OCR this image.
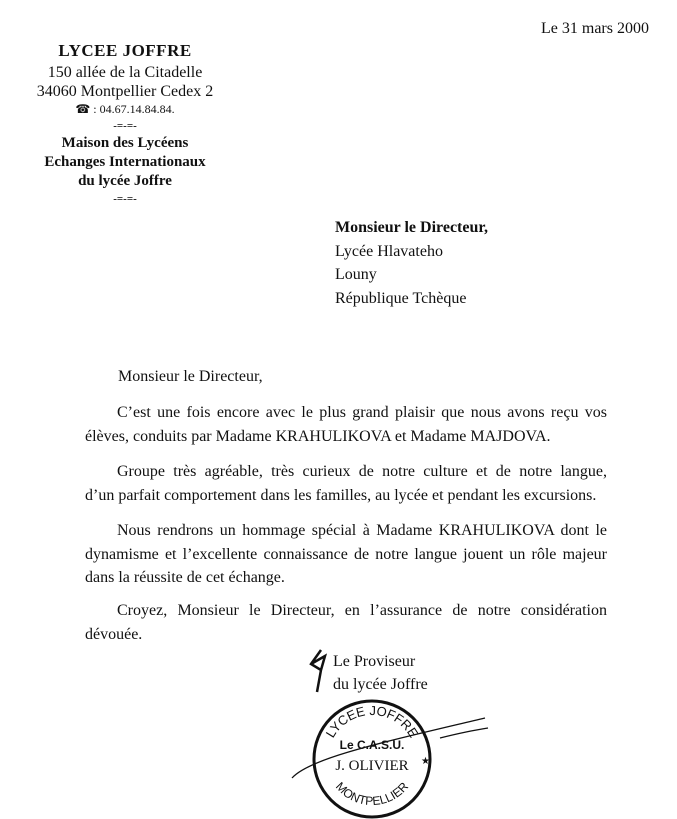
Le 31 mars 2000
LYCEE JOFFRE
150 allée de la Citadelle
34060 Montpellier Cedex 2
☎ : 04.67.14.84.84.
-=-=-
Maison des Lycéens
Echanges Internationaux
du lycée Joffre
-=-=-
Monsieur le Directeur,
Lycée Hlavateho
Louny
République Tchèque
Monsieur le Directeur,
C’est une fois encore avec le plus grand plaisir que nous avons reçu vos
élèves, conduits par Madame KRAHULIKOVA et Madame MAJDOVA.
Groupe très agréable, très curieux de notre culture et de notre langue,
d’un parfait comportement dans les familles, au lycée et pendant les excursions.
Nous rendrons un hommage spécial à Madame KRAHULIKOVA dont le
dynamisme et l’excellente connaissance de notre langue jouent un rôle majeur
dans la réussite de cet échange.
Croyez, Monsieur le Directeur, en l’assurance de notre considération
dévouée.
Le Proviseur
du lycée Joffre
LYCEE JOFFRE
MONTPELLIER
Le C.A.S.U.
J. OLIVIER ★
